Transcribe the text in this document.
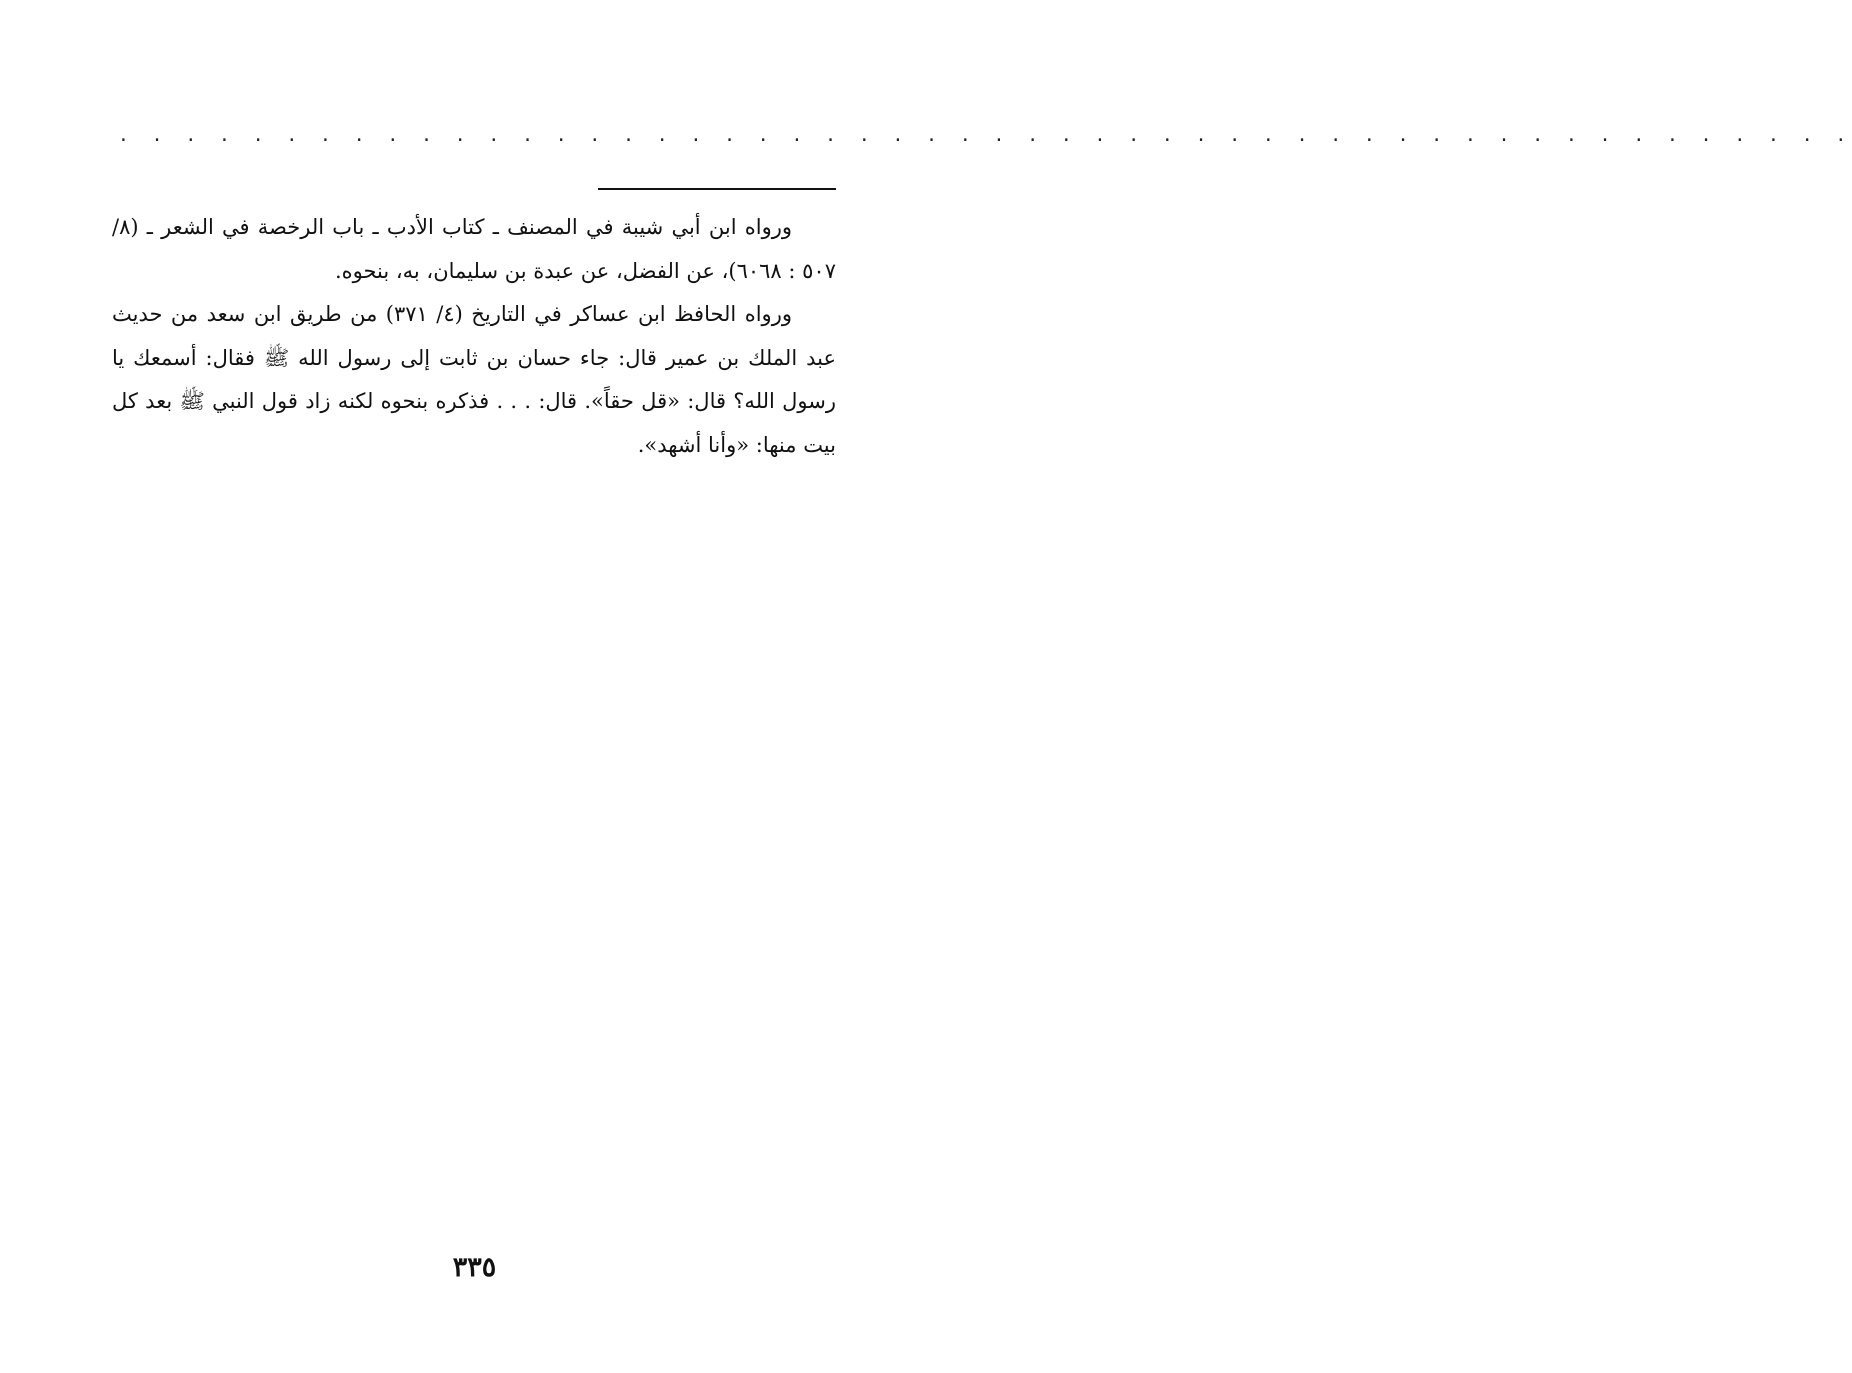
. . . . . . . . . . . . . . . . . . . . . . . . . . . . . . . . . . . . . . . . . . . . . . . . . . . .

ورواه ابن أبي شيبة في المصنف ـ كتاب الأدب ـ باب الرخصة في الشعر ـ (٨/ ٥٠٧ : ٦٠٦٨)، عن الفضل، عن عبدة بن سليمان، به، بنحوه.

ورواه الحافظ ابن عساكر في التاريخ (٤/ ٣٧١) من طريق ابن سعد من حديث عبد الملك بن عمير قال: جاء حسان بن ثابت إلى رسول الله ﷺ فقال: أسمعك يا رسول الله؟ قال: «قل حقاً». قال: . . . فذكره بنحوه لكنه زاد قول النبي ﷺ بعد كل بيت منها: «وأنا أشهد».

٣٣٥
